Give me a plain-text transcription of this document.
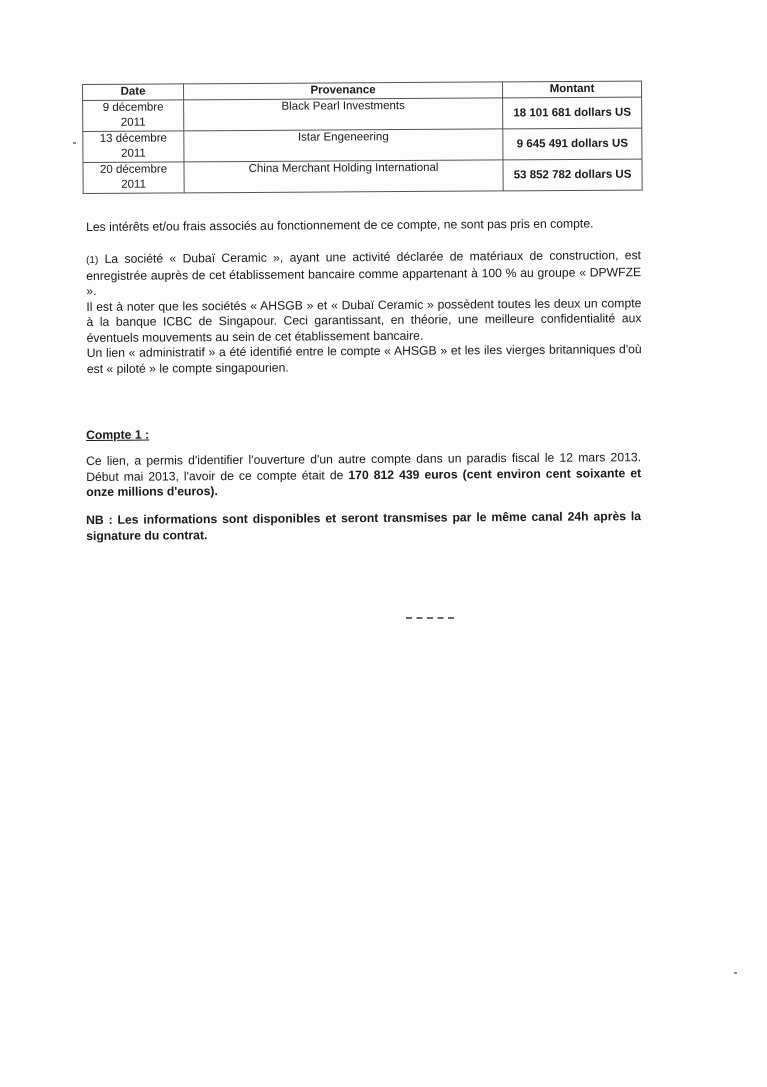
Date	Provenance	Montant
9 décembre
2011	Black Pearl Investments	18 101 681 dollars US
13 décembre
2011	Istar Engeneering	9 645 491 dollars US
20 décembre
2011	China Merchant Holding International	53 852 782 dollars US

Les intérêts et/ou frais associés au fonctionnement de ce compte, ne sont pas pris en compte.

(1) La société « Dubaï Ceramic », ayant une activité déclarée de matériaux de construction, est enregistrée auprès de cet établissement bancaire comme appartenant à 100 % au groupe « DPWFZE ».

Il est à noter que les sociétés « AHSGB » et « Dubaï Ceramic » possèdent toutes les deux un compte à la banque ICBC de Singapour. Ceci garantissant, en théorie, une meilleure confidentialité aux éventuels mouvements au sein de cet établissement bancaire.

Un lien « administratif » a été identifié entre le compte « AHSGB » et les iles vierges britanniques d'où est « piloté » le compte singapourien.

Compte 1 :

Ce lien, a permis d'identifier l'ouverture d'un autre compte dans un paradis fiscal le 12 mars 2013. Début mai 2013, l'avoir de ce compte était de 170 812 439 euros (cent environ cent soixante et onze millions d'euros).

NB : Les informations sont disponibles et seront transmises par le même canal 24h après la signature du contrat.
